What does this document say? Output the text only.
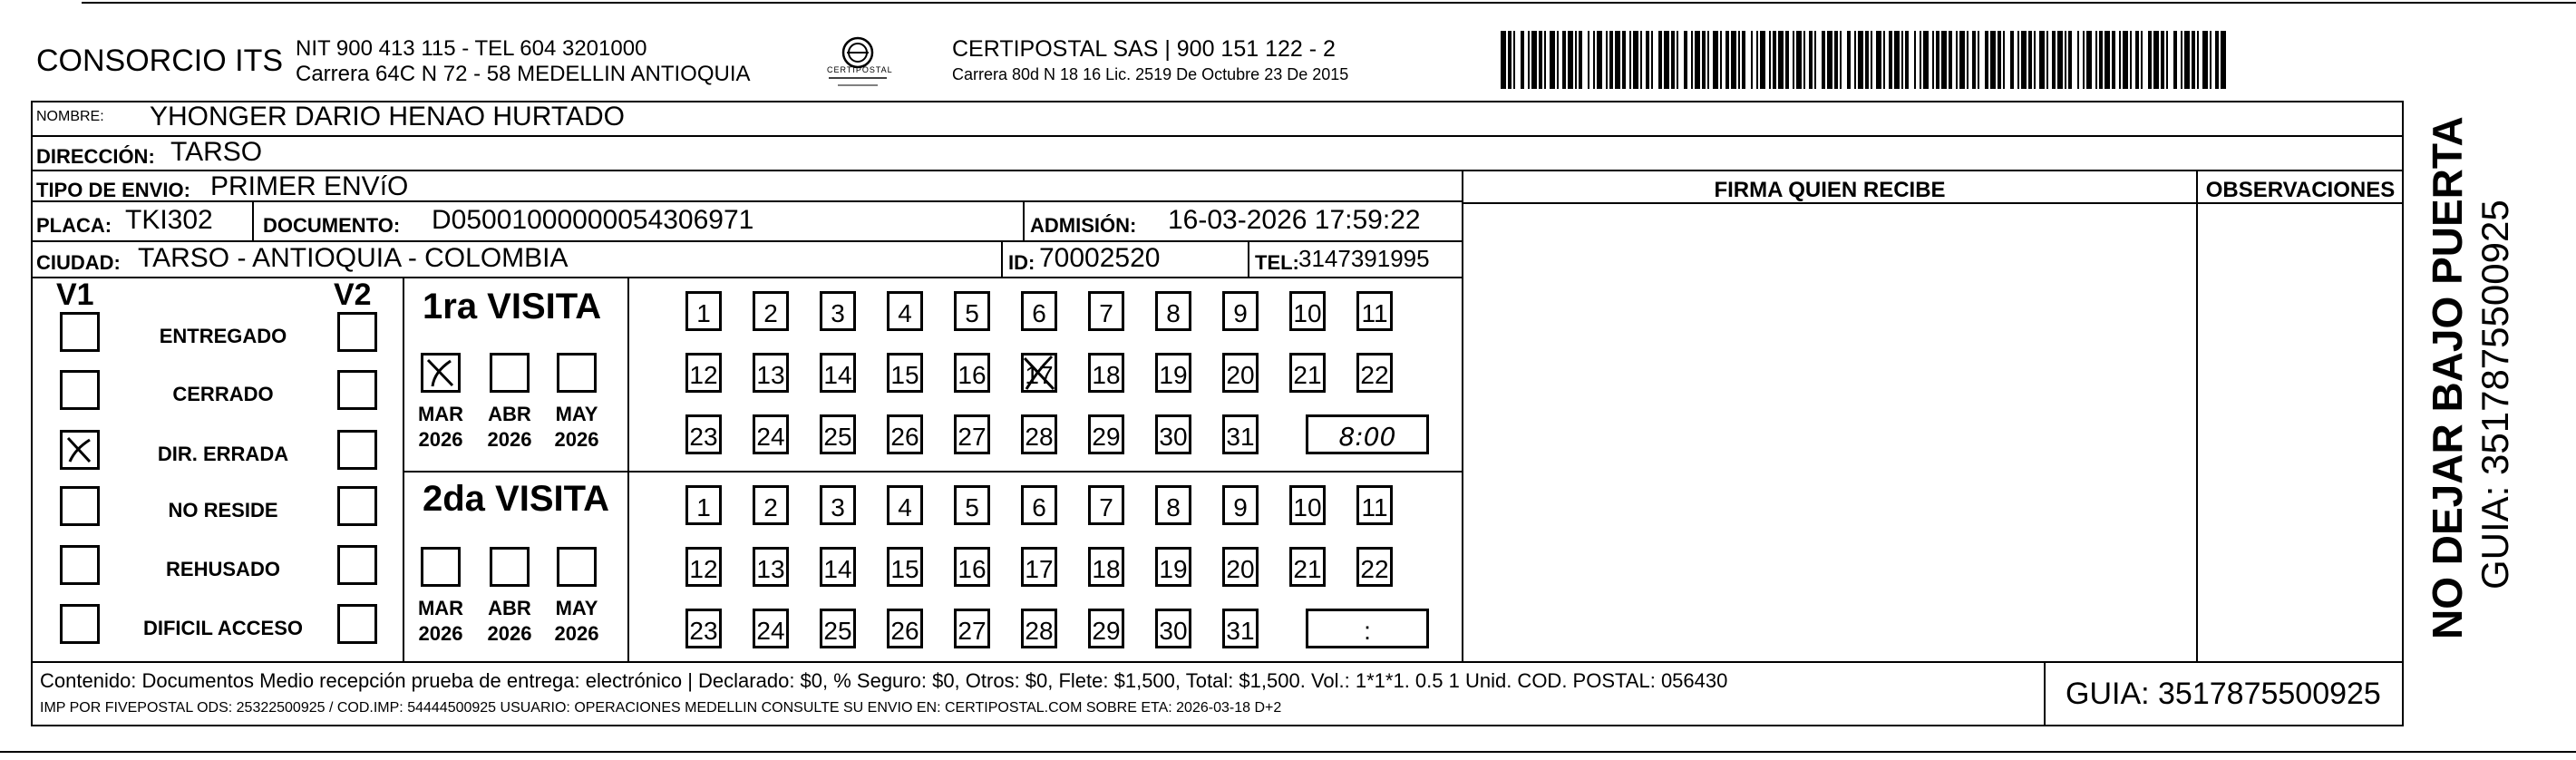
CONSORCIO ITS NIT 900 413 115 - TEL 604 3201000
Carrera 64C N 72 - 58 MEDELLIN ANTIOQUIA	CERTIPOSTAL
CERTIPOSTAL SAS | 900 151 122 - 2
Carrera 80d N 18 16 Lic. 2519 De Octubre 23 De 2015
NOMBRE: YHONGER DARIO HENAO HURTADO
DIRECCIÓN: TARSO
TIPO DE ENVIO: PRIMER ENVíO
PLACA: TKI302	DOCUMENTO: D05001000000054306971	ADMISIÓN: 16-03-2026 17:59:22
CIUDAD: TARSO - ANTIOQUIA - COLOMBIA	ID: 70002520	TEL: 3147391995
FIRMA QUIEN RECIBE	OBSERVACIONES
V1	V2
ENTREGADO
CERRADO
DIR. ERRADA
NO RESIDE
REHUSADO
DIFICIL ACCESO
1ra VISITA
2da VISITA
MAR
2026
ABR
2026
MAY
2026
1	2	3	4	5	6	7	8	9	10 11
12 13 14 15 16 17 18 19 20 21 22
23 24 25 26 27 28 29 30 31	8:00
MAR
2026
ABR
2026
MAY
2026
1	2	3	4	5	6	7	8	9	10 11
12 13 14 15 16 17 18 19 20 21 22
23 24 25 26 27 28 29 30 31	:
Contenido: Documentos Medio recepción prueba de entrega: electrónico | Declarado: $0, % Seguro: $0, Otros: $0, Flete: $1,500, Total: $1,500. Vol.: 1*1*1. 0.5 1 Unid. COD. POSTAL: 056430
IMP POR FIVEPOSTAL ODS: 25322500925 / COD.IMP: 54444500925 USUARIO: OPERACIONES MEDELLIN CONSULTE SU ENVIO EN: CERTIPOSTAL.COM SOBRE ETA: 2026-03-18 D+2	GUIA: 3517875500925
NO DEJAR BAJO PUERTA GUIA: 3517875500925
